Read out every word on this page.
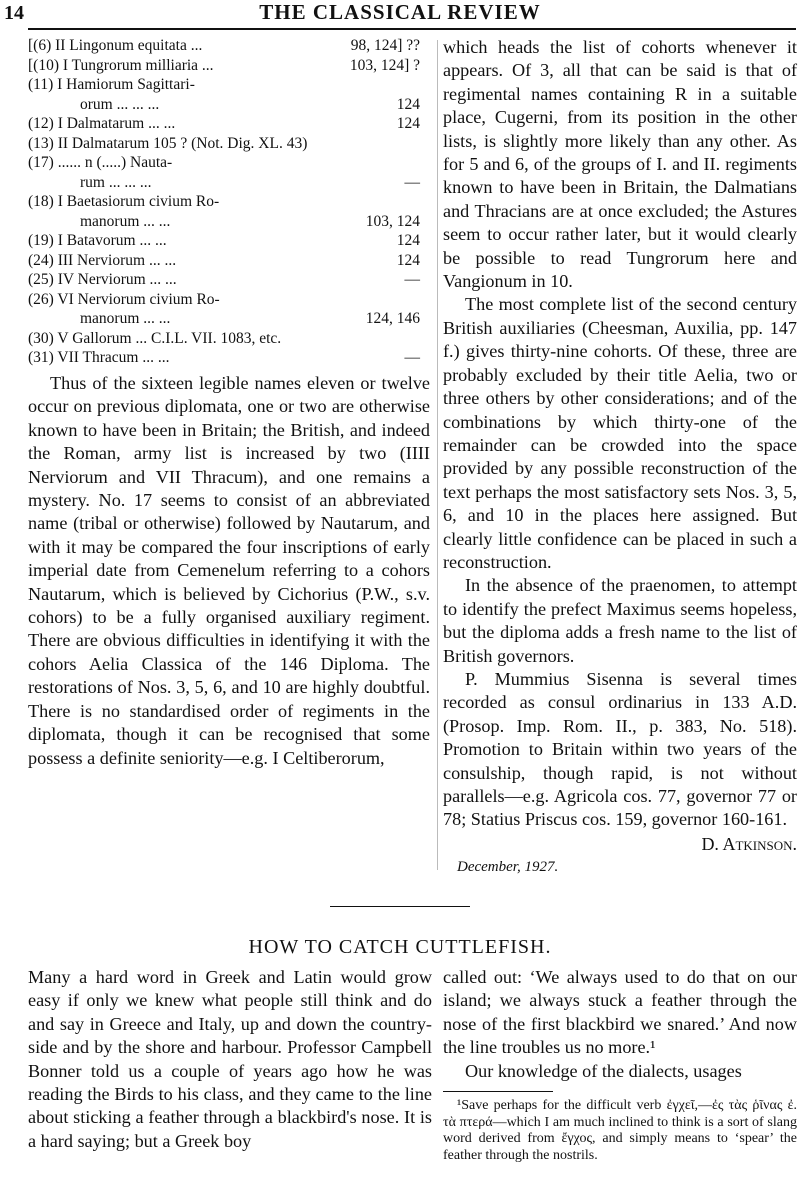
14	THE CLASSICAL REVIEW
[(6) II Lingonum equitata ...	98, 124] ??
[(10) I Tungrorum milliaria ...	103, 124] ?
(11) I Hamiorum Sagittari-
orum ... ... ...	124
(12) I Dalmatarum ... ...	124
(13) II Dalmatarum 105 ? (Not. Dig. XL. 43)
(17) ...... n (.....) Nauta-
rum ... ... ...	—
(18) I Baetasiorum civium Ro-
manorum ... ...	103, 124
(19) I Batavorum ... ...	124
(24) III Nerviorum ... ...	124
(25) IV Nerviorum ... ...	—
(26) VI Nerviorum civium Ro-
manorum ... ...	124, 146
(30) V Gallorum ... C.I.L. VII. 1083, etc.
(31) VII Thracum ... ...	—

Thus of the sixteen legible names eleven or twelve occur on previous diplomata, one or two are otherwise known to have been in Britain; the British, and indeed the Roman, army list is increased by two (IIII Nerviorum and VII Thracum), and one remains a mystery. No. 17 seems to consist of an abbreviated name (tribal or otherwise) followed by Nautarum, and with it may be compared the four inscriptions of early imperial date from Cemenelum referring to a cohors Nautarum, which is believed by Cichorius (P.W., s.v. cohors) to be a fully organised auxiliary regiment. There are obvious difficulties in identifying it with the cohors Aelia Classica of the 146 Diploma. The restorations of Nos. 3, 5, 6, and 10 are highly doubtful. There is no standardised order of regiments in the diplomata, though it can be recognised that some possess a definite seniority—e.g. I Celtiberorum,

which heads the list of cohorts whenever it appears. Of 3, all that can be said is that of regimental names containing R in a suitable place, Cugerni, from its position in the other lists, is slightly more likely than any other. As for 5 and 6, of the groups of I. and II. regiments known to have been in Britain, the Dalmatians and Thracians are at once excluded; the Astures seem to occur rather later, but it would clearly be possible to read Tungrorum here and Vangionum in 10.

The most complete list of the second century British auxiliaries (Cheesman, Auxilia, pp. 147 f.) gives thirty-nine cohorts. Of these, three are probably excluded by their title Aelia, two or three others by other considerations; and of the combinations by which thirty-one of the remainder can be crowded into the space provided by any possible reconstruction of the text perhaps the most satisfactory sets Nos. 3, 5, 6, and 10 in the places here assigned. But clearly little confidence can be placed in such a reconstruction.

In the absence of the praenomen, to attempt to identify the prefect Maximus seems hopeless, but the diploma adds a fresh name to the list of British governors.

P. Mummius Sisenna is several times recorded as consul ordinarius in 133 A.D. (Prosop. Imp. Rom. II., p. 383, No. 518). Promotion to Britain within two years of the consulship, though rapid, is not without parallels—e.g. Agricola cos. 77, governor 77 or 78; Statius Priscus cos. 159, governor 160-161.

D. Atkinson.
December, 1927.
HOW TO CATCH CUTTLEFISH.

Many a hard word in Greek and Latin would grow easy if only we knew what people still think and do and say in Greece and Italy, up and down the country-side and by the shore and harbour. Professor Campbell Bonner told us a couple of years ago how he was reading the Birds to his class, and they came to the line about sticking a feather through a blackbird's nose. It is a hard saying; but a Greek boy

called out: ‘We always used to do that on our island; we always stuck a feather through the nose of the first blackbird we snared.’ And now the line troubles us no more.¹

Our knowledge of the dialects, usages

¹Save perhaps for the difficult verb ἐγχεῖ,—ἐς τὰς ῥῖνας ἐ. τὰ πτερά—which I am much inclined to think is a sort of slang word derived from ἔγχος, and simply means to ‘spear’ the feather through the nostrils.
